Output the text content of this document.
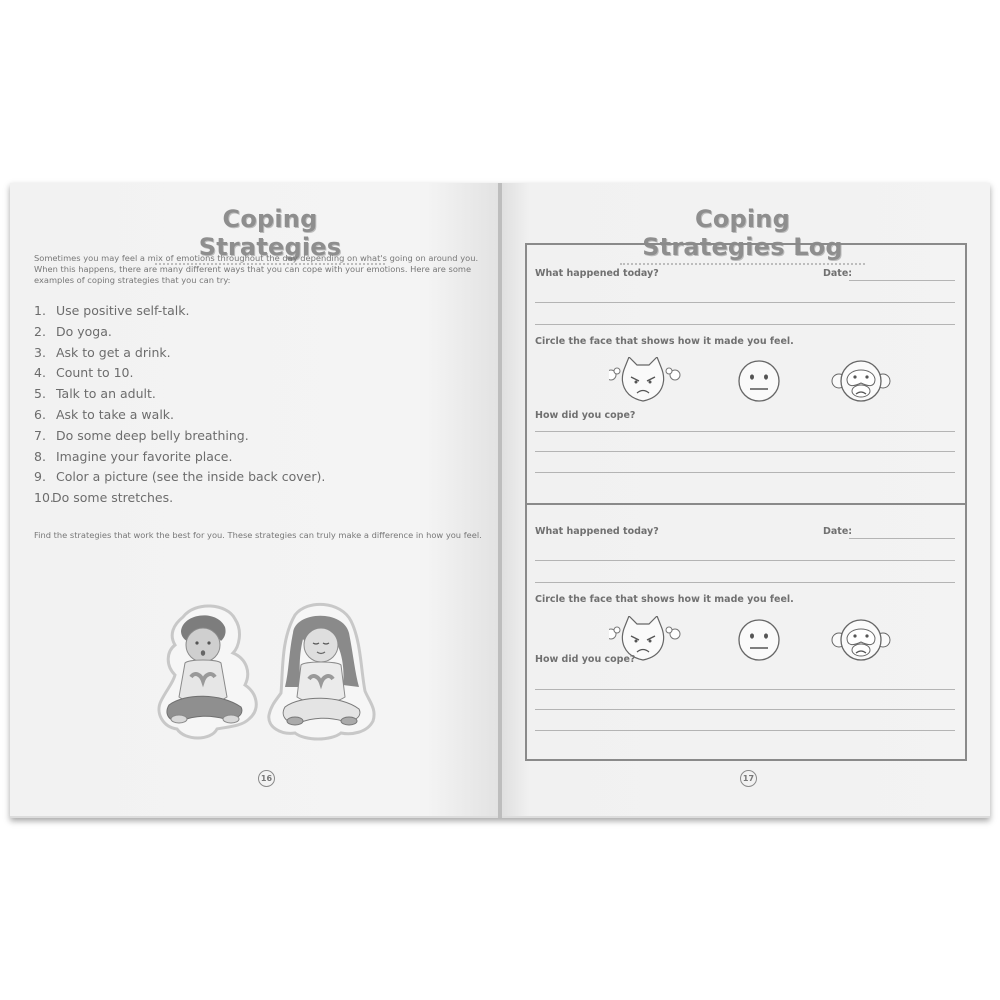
Coping Strategies
Sometimes you may feel a mix of emotions throughout the day depending on what's going on around you. When this happens, there are many different ways that you can cope with your emotions. Here are some examples of coping strategies that you can try:
1. Use positive self-talk.
2. Do yoga.
3. Ask to get a drink.
4. Count to 10.
5. Talk to an adult.
6. Ask to take a walk.
7. Do some deep belly breathing.
8. Imagine your favorite place.
9. Color a picture (see the inside back cover).
10.Do some stretches.
Find the strategies that work the best for you. These strategies can truly make a difference in how you feel.
16
Coping Strategies Log
What happened today?	Date:
Circle the face that shows how it made you feel.
How did you cope?
What happened today?	Date:
Circle the face that shows how it made you feel.
How did you cope?
17
